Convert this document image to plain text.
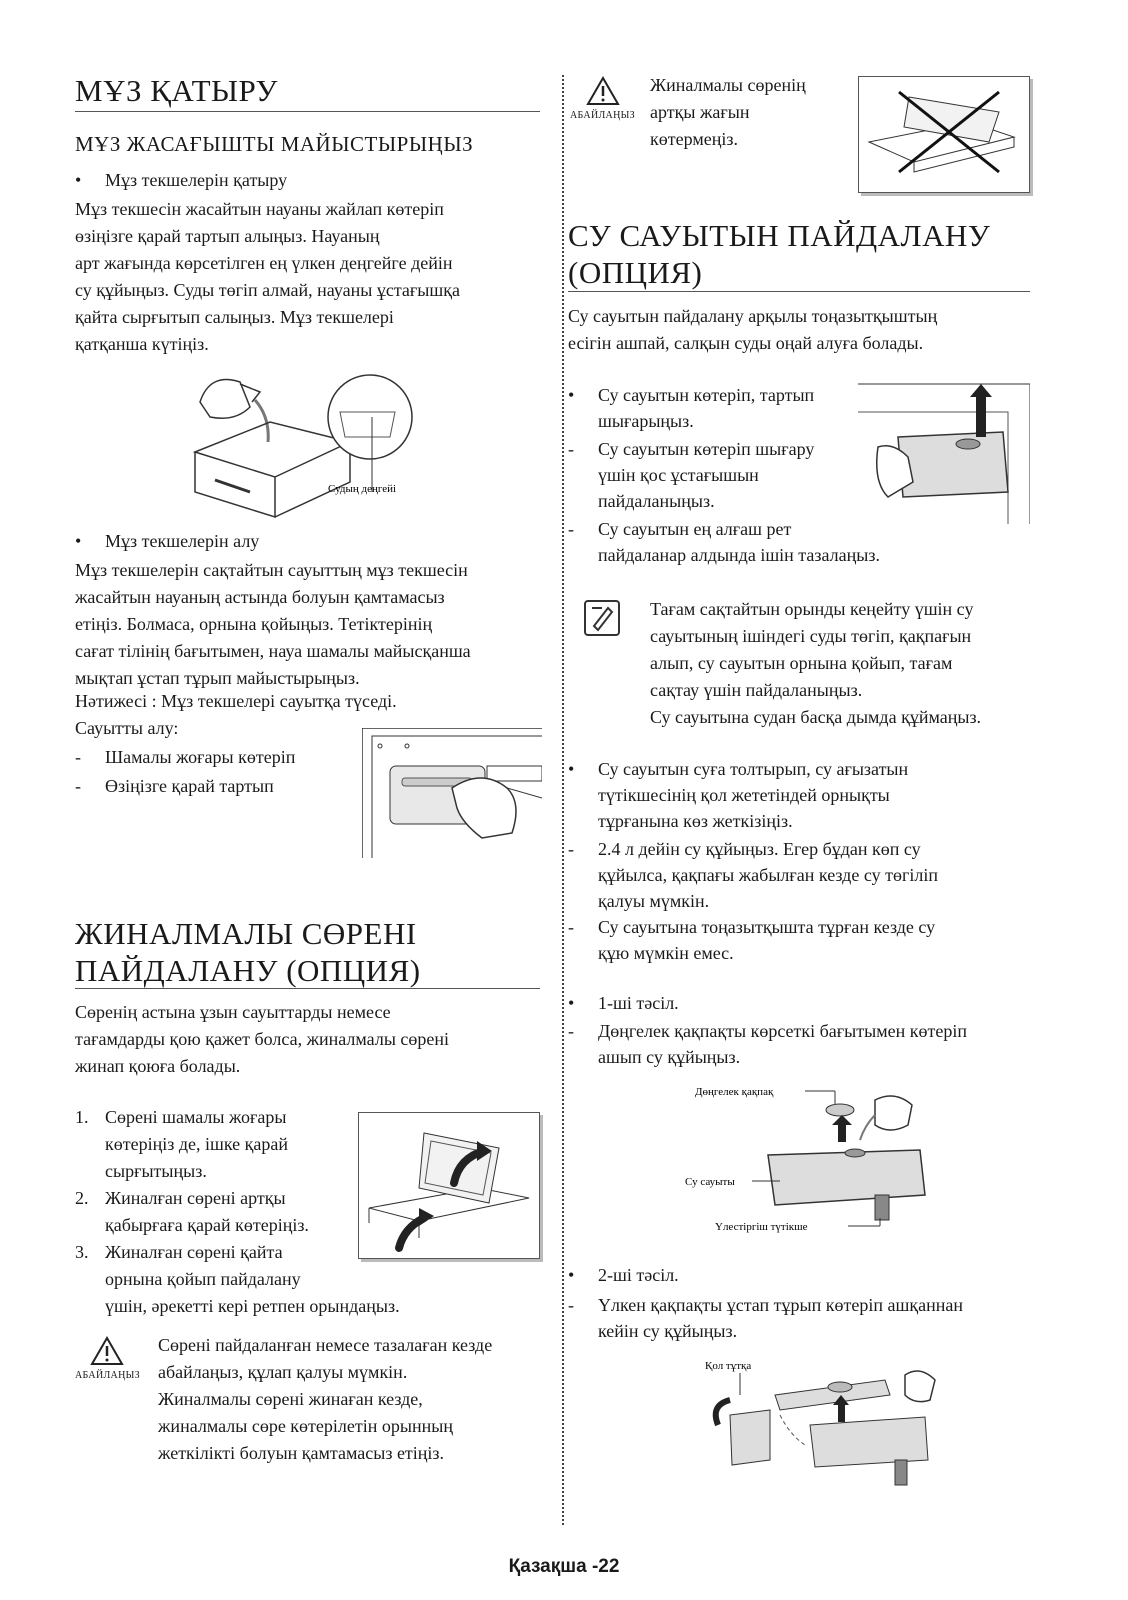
МҰЗ ҚАТЫРУ
МҰЗ ЖАСАҒЫШТЫ МАЙЫСТЫРЫҢЫЗ
•	Мұз текшелерін қатыру
Мұз текшесін жасайтын науаны жайлап көтеріп
өзіңізге қарай тартып алыңыз. Науаның
арт жағында көрсетілген ең үлкен деңгейге дейін
су құйыңыз. Суды төгіп алмай, науаны ұстағышқа
қайта сырғытып салыңыз. Мұз текшелері
қатқанша күтіңіз.
Судың деңгейі
•	Мұз текшелерін алу
Мұз текшелерін сақтайтын сауыттың мұз текшесін
жасайтын науаның астында болуын қамтамасыз
етіңіз. Болмаса, орнына қойыңыз. Тетіктерінің
сағат тілінің бағытымен, науа шамалы майысқанша
мықтап ұстап тұрып майыстырыңыз.
Нәтижесі : Мұз текшелері сауытқа түседі.
Сауытты алу:
-	Шамалы жоғары көтеріп
-	Өзіңізге қарай тартып
ЖИНАЛМАЛЫ СӨРЕНІ
ПАЙДАЛАНУ (ОПЦИЯ)
Сөренің астына ұзын сауыттарды немесе
тағамдарды қою қажет болса, жиналмалы сөрені
жинап қоюға болады.
1. Сөрені шамалы жоғары
көтеріңіз де, ішке қарай
сырғытыңыз.
2. Жиналған сөрені артқы
қабырғаға қарай көтеріңіз.
3. Жиналған сөрені қайта
орнына қойып пайдалану
үшін, әрекетті кері ретпен орындаңыз.
АБАЙЛАҢЫЗ
Сөрені пайдаланған немесе тазалаған кезде
абайлаңыз, құлап қалуы мүмкін.
Жиналмалы сөрені жинаған кезде,
жиналмалы сөре көтерілетін орынның
жеткілікті болуын қамтамасыз етіңіз.
АБАЙЛАҢЫЗ
Жиналмалы сөренің
артқы жағын
көтермеңіз.
СУ САУЫТЫН ПАЙДАЛАНУ
(ОПЦИЯ)
Су сауытын пайдалану арқылы тоңазытқыштың
есігін ашпай, салқын суды оңай алуға болады.
• Су сауытын көтеріп, тартып
шығарыңыз.
- Су сауытын көтеріп шығару
үшін қос ұстағышын
пайдаланыңыз.
- Су сауытын ең алғаш рет
пайдаланар алдында ішін тазалаңыз.
Тағам сақтайтын орынды кеңейту үшін су
сауытының ішіндегі суды төгіп, қақпағын
алып, су сауытын орнына қойып, тағам
сақтау үшін пайдаланыңыз.
Су сауытына судан басқа дымда құймаңыз.
• Су сауытын суға толтырып, су ағызатын
түтікшесінің қол жететіндей орнықты
тұрғанына көз жеткізіңіз.
- 2.4 л дейін су құйыңыз. Егер бұдан көп су
құйылса, қақпағы жабылған кезде су төгіліп
қалуы мүмкін.
- Су сауытына тоңазытқышта тұрған кезде су
құю мүмкін емес.
•	1-ші тәсіл.
- Дөңгелек қақпақты көрсеткі бағытымен көтеріп
ашып су құйыңыз.
Дөңгелек қақпақ
Су сауыты
Үлестіргіш түтікше
•	2-ші тәсіл.
- Үлкен қақпақты ұстап тұрып көтеріп ашқаннан
кейін су құйыңыз.
Қол тұтқа
Қазақша -22
